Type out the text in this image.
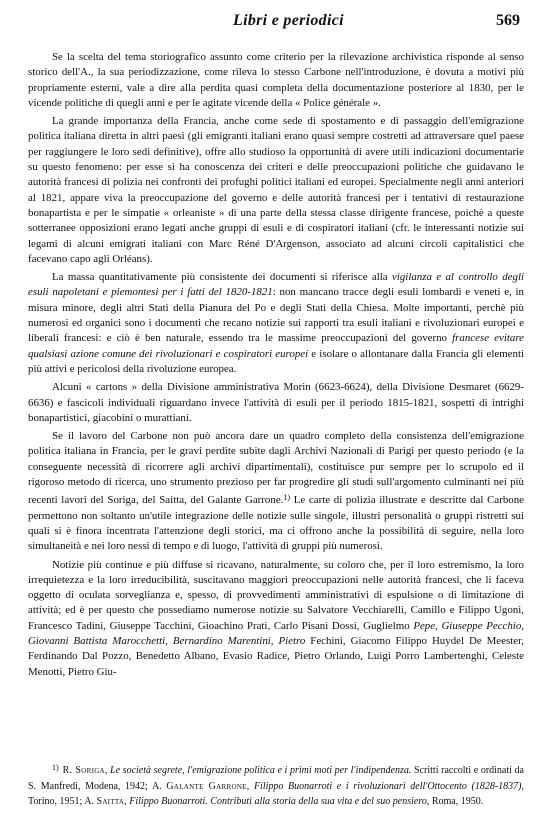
Libri e periodici	569

Se la scelta del tema storiografico assunto come criterio per la rilevazione archivistica risponde al senso storico dell'A., la sua periodizzazione, come rileva lo stesso Carbone nell'introduzione, è dovuta a motivi più propriamente esterni, vale a dire alla perdita quasi completa della documentazione posteriore al 1830, per le vicende politiche di quegli anni e per le agitate vicende della « Police générale ».

La grande importanza della Francia, anche come sede di spostamento e di passaggio dell'emigrazione politica italiana diretta in altri paesi (gli emigranti italiani erano quasi sempre costretti ad attraversare quel paese per raggiungere le loro sedi definitive), offre allo studioso la opportunità di avere utili indicazioni documentarie su questo fenomeno: per esse si ha conoscenza dei criteri e delle preoccupazioni politiche che guidavano le autorità francesi di polizia nei confronti dei profughi politici italiani ed europei. Specialmente negli anni anteriori al 1821, appare viva la preoccupazione del governo e delle autorità francesi per i tentativi di restaurazione bonapartista e per le simpatie « orleaniste » di una parte della stessa classe dirigente francese, poichè a queste sotterranee opposizioni erano legati anche gruppi di esuli e di cospiratori italiani (cfr. le interessanti notizie sui legami di alcuni emigrati italiani con Marc Réné D'Argenson, associato ad alcuni circoli capitalistici che facevano capo agli Orléans).

La massa quantitativamente più consistente dei documenti si riferisce alla vigilanza e al controllo degli esuli napoletani e piemontesi per i fatti del 1820-1821: non mancano tracce degli esuli lombardi e veneti e, in misura minore, degli altri Stati della Pianura del Po e degli Stati della Chiesa. Molte importanti, perchè più numerosi ed organici sono i documenti che recano notizie sui rapporti tra esuli italiani e rivoluzionari europei e liberali francesi: e ciò è ben naturale, essendo tra le massime preoccupazioni del governo francese evitare qualsiasi azione comune dei rivoluzionari e cospiratori europei e isolare o allontanare dalla Francia gli elementi più attivi e pericolosi della rivoluzione europea.

Alcuni « cartons » della Divisione amministrativa Morin (6623-6624), della Divisione Desmaret (6629-6636) e fascicoli individuali riguardano invece l'attività di esuli per il periodo 1815-1821, sospetti di intrighi bonapartistici, giacobini o murattiani.

Se il lavoro del Carbone non può ancora dare un quadro completo della consistenza dell'emigrazione politica italiana in Francia, per le gravi perdite subite dagli Archivi Nazionali di Parigi per questo periodo (e la conseguente necessità di ricorrere agli archivi dipartimentali), costituisce pur sempre per lo scrupolo ed il rigoroso metodo di ricerca, uno strumento prezioso per far progredire gli studi sull'argomento culminanti nei più recenti lavori del Soriga, del Saitta, del Galante Garrone.$^{1)}$ Le carte di polizia illustrate e descritte dal Carbone permettono non soltanto un'utile integrazione delle notizie sulle singole, illustri personalità o gruppi ristretti sui quali si è finora incentrata l'attenzione degli storici, ma ci offrono anche la possibilità di seguire, nella loro simultaneità e nei loro nessi di tempo e di luogo, l'attività di gruppi più numerosi.

Notizie più continue e più diffuse si ricavano, naturalmente, su coloro che, per il loro estremismo, la loro irrequietezza e la loro irreducibilità, suscitavano maggiori preoccupazioni nelle autorità francesi, che li faceva oggetto di oculata sorveglianza e, spesso, di provvedimenti amministrativi di espulsione o di limitazione di attività; ed è per questo che possediamo numerose notizie su Salvatore Vecchiarelli, Camillo e Filippo Ugoni, Francesco Tadini, Giuseppe Tacchini, Gioachino Prati, Carlo Pisani Dossi, Guglielmo Pepe, Giuseppe Pecchio, Giovanni Battista Marocchetti, Bernardino Marentini, Pietro Fechini, Giacomo Filippo Huydel De Meester, Ferdinando Dal Pozzo, Benedetto Albano, Evasio Radice, Pietro Orlando, Luigi Porro Lambertenghi, Celeste Menotti, Pietro Giu-

$^{1)}$ R. Soriga, Le società segrete, l'emigrazione politica e i primi moti per l'indipendenza. Scritti raccolti e ordinati da S. Manfredi, Modena, 1942; A. Galante Garrone, Filippo Buonarroti e i rivoluzionari dell'Ottocento (1828-1837), Torino, 1951; A. Saitta, Filippo Buonarroti. Contributi alla storia della sua vita e del suo pensiero, Roma, 1950.
